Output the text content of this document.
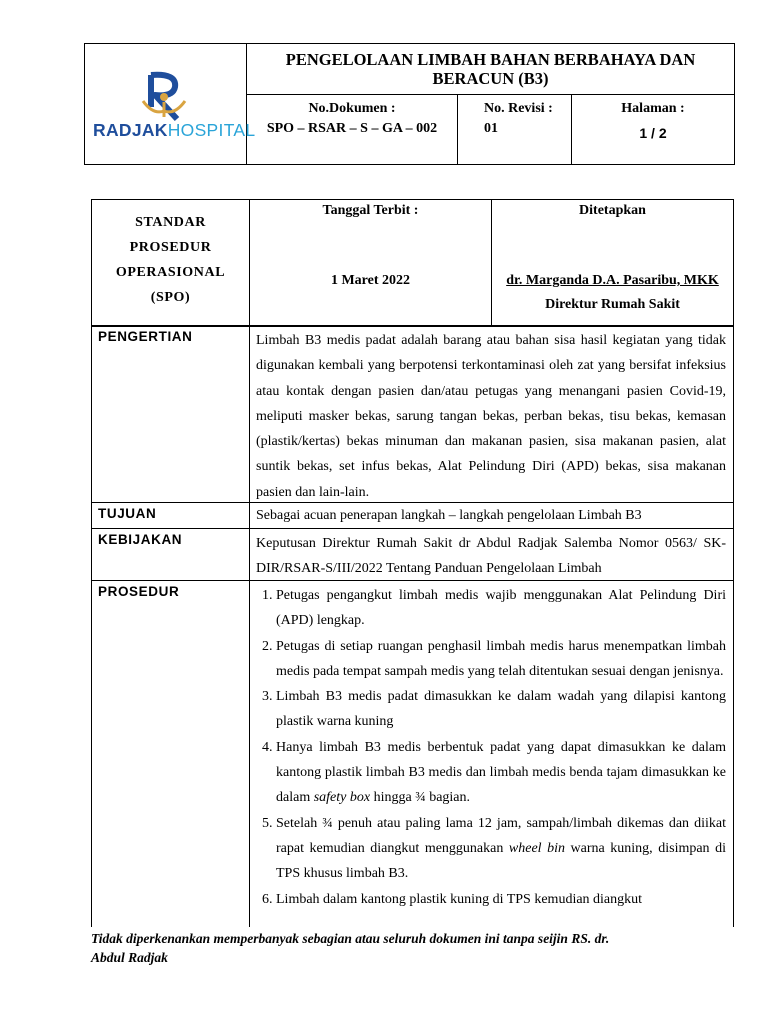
RADJAKHOSPITAL
PENGELOLAAN LIMBAH BAHAN BERBAHAYA DAN
BERACUN (B3)
No.Dokumen :
SPO – RSAR – S – GA – 002
No. Revisi :
01
Halaman :
1 / 2
STANDAR
PROSEDUR
OPERASIONAL
(SPO)
Tanggal Terbit :
1 Maret 2022
Ditetapkan
dr. Marganda D.A. Pasaribu, MKK
Direktur Rumah Sakit
PENGERTIAN	Limbah B3 medis padat adalah barang atau bahan sisa hasil kegiatan yang tidak digunakan kembali yang berpotensi terkontaminasi oleh zat yang bersifat infeksius atau kontak dengan pasien dan/atau petugas yang menangani pasien Covid-19, meliputi masker bekas, sarung tangan bekas, perban bekas, tisu bekas, kemasan (plastik/kertas) bekas minuman dan makanan pasien, sisa makanan pasien, alat suntik bekas, set infus bekas, Alat Pelindung Diri (APD) bekas, sisa makanan pasien dan lain-lain.
TUJUAN	Sebagai acuan penerapan langkah – langkah pengelolaan Limbah B3
KEBIJAKAN	Keputusan Direktur Rumah Sakit dr Abdul Radjak Salemba Nomor 0563/ SK-DIR/RSAR-S/III/2022 Tentang Panduan Pengelolaan Limbah
PROSEDUR
1.	Petugas pengangkut limbah medis wajib menggunakan Alat Pelindung Diri (APD) lengkap.
2. Petugas di setiap ruangan penghasil limbah medis harus menempatkan limbah medis pada tempat sampah medis yang telah ditentukan sesuai dengan jenisnya.
3. Limbah B3 medis padat dimasukkan ke dalam wadah yang dilapisi kantong plastik warna kuning
4. Hanya limbah B3 medis berbentuk padat yang dapat dimasukkan ke dalam kantong plastik limbah B3 medis dan limbah medis benda tajam dimasukkan ke dalam safety box hingga ¾ bagian.
5. Setelah ¾ penuh atau paling lama 12 jam, sampah/limbah dikemas dan diikat rapat kemudian diangkut menggunakan wheel bin warna kuning, disimpan di TPS khusus limbah B3.
6. Limbah dalam kantong plastik kuning di TPS kemudian diangkut
Tidak diperkenankan memperbanyak sebagian atau seluruh dokumen ini tanpa seijin RS. dr.
Abdul Radjak
